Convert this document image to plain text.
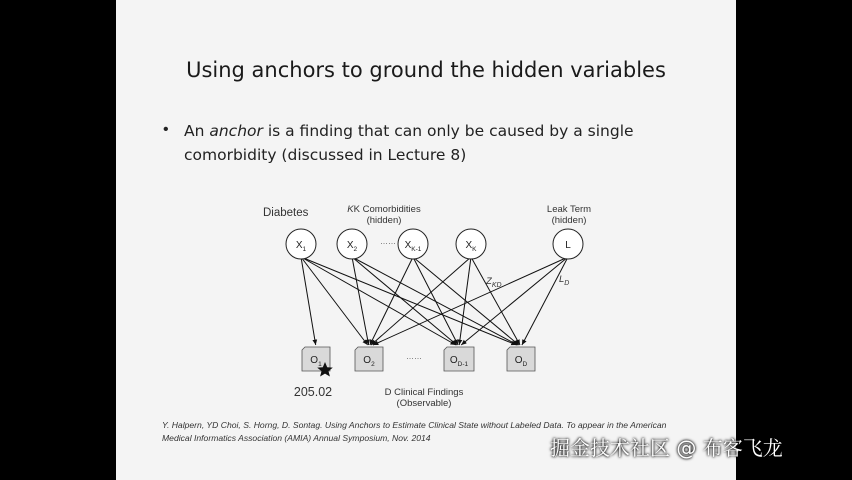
Using anchors to ground the hidden variables
• An anchor is a finding that can only be caused by a single
comorbidity (discussed in Lecture 8)
Diabetes	KK Comorbidities
(hidden)
Leak Term
(hidden)
……
……
$X_1$	$X_2$	$X_{K-1}$	$X_K$	L
$O_1$	$O_2$	$O_{D-1}$	$O_D$
$Z_{KD}$
$L_D$
205.02	D Clinical Findings
(Observable)
Y. Halpern, YD Choi, S. Horng, D. Sontag. Using Anchors to Estimate Clinical State without Labeled Data. To appear in the American
Medical Informatics Association (AMIA) Annual Symposium, Nov. 2014	掘金技术社区 @ 布客飞龙
